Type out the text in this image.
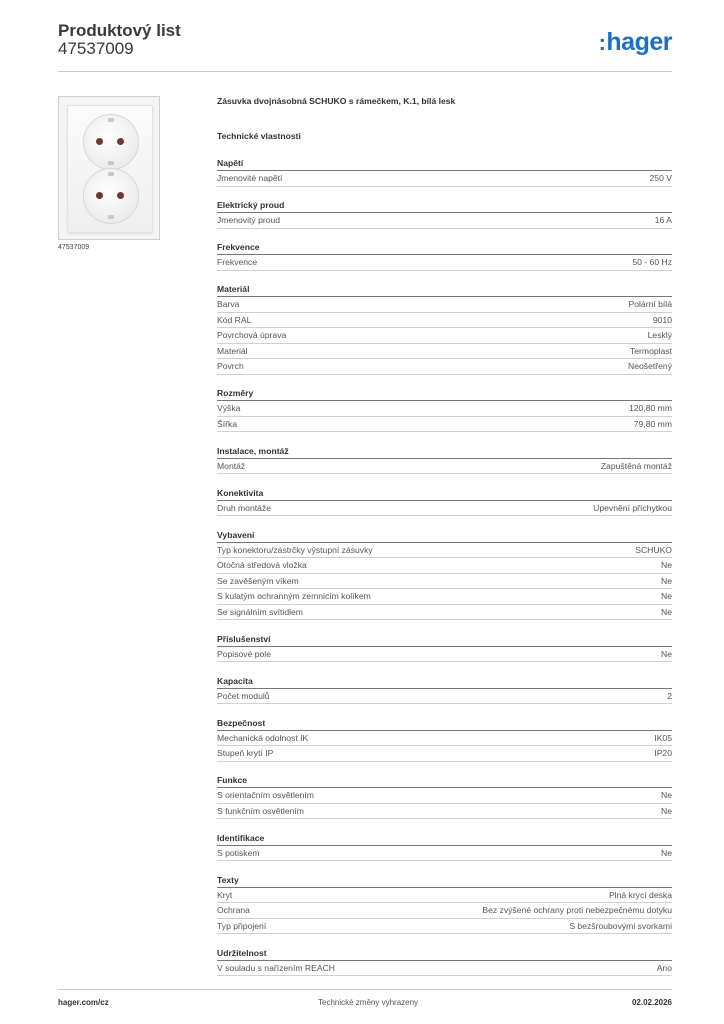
Produktový list
47537009	:hager
47537009
Zásuvka dvojnásobná SCHUKO s rámečkem, K.1, bílá lesk
Technické vlastnosti
Napětí
Jmenovité napětí	250 V
Elektrický proud
Jmenovitý proud	16 A
Frekvence
Frekvence	50 - 60 Hz
Materiál
Barva	Polární bílá
Kód RAL	9010
Povrchová úprava	Lesklý
Materiál	Termoplast
Povrch	Neošetřený
Rozměry
Výška	120,80 mm
Šířka	79,80 mm
Instalace, montáž
Montáž	Zapuštěná montáž
Konektivita
Druh montáže	Upevnění příchytkou
Vybavení
Typ konektoru/zástrčky výstupní zásuvky	SCHUKO
Otočná středová vložka	Ne
Se zavěšeným víkem	Ne
S kulatým ochranným zemnicím kolíkem	Ne
Se signálním svítidlem	Ne
Příslušenství
Popisové pole	Ne
Kapacita
Počet modulů	2
Bezpečnost
Mechanická odolnost IK	IK05
Stupeň krytí IP	IP20
Funkce
S orientačním osvětlením	Ne
S funkčním osvětlením	Ne
Identifikace
S potiskem	Ne
Texty
Kryt	Plná krycí deska
Ochrana	Bez zvýšené ochrany proti nebezpečnému dotyku
Typ připojení	S bezšroubovými svorkami
Udržitelnost
V souladu s nařízením REACH	Ano
hager.com/cz	Technické změny vyhrazeny	02.02.2026
